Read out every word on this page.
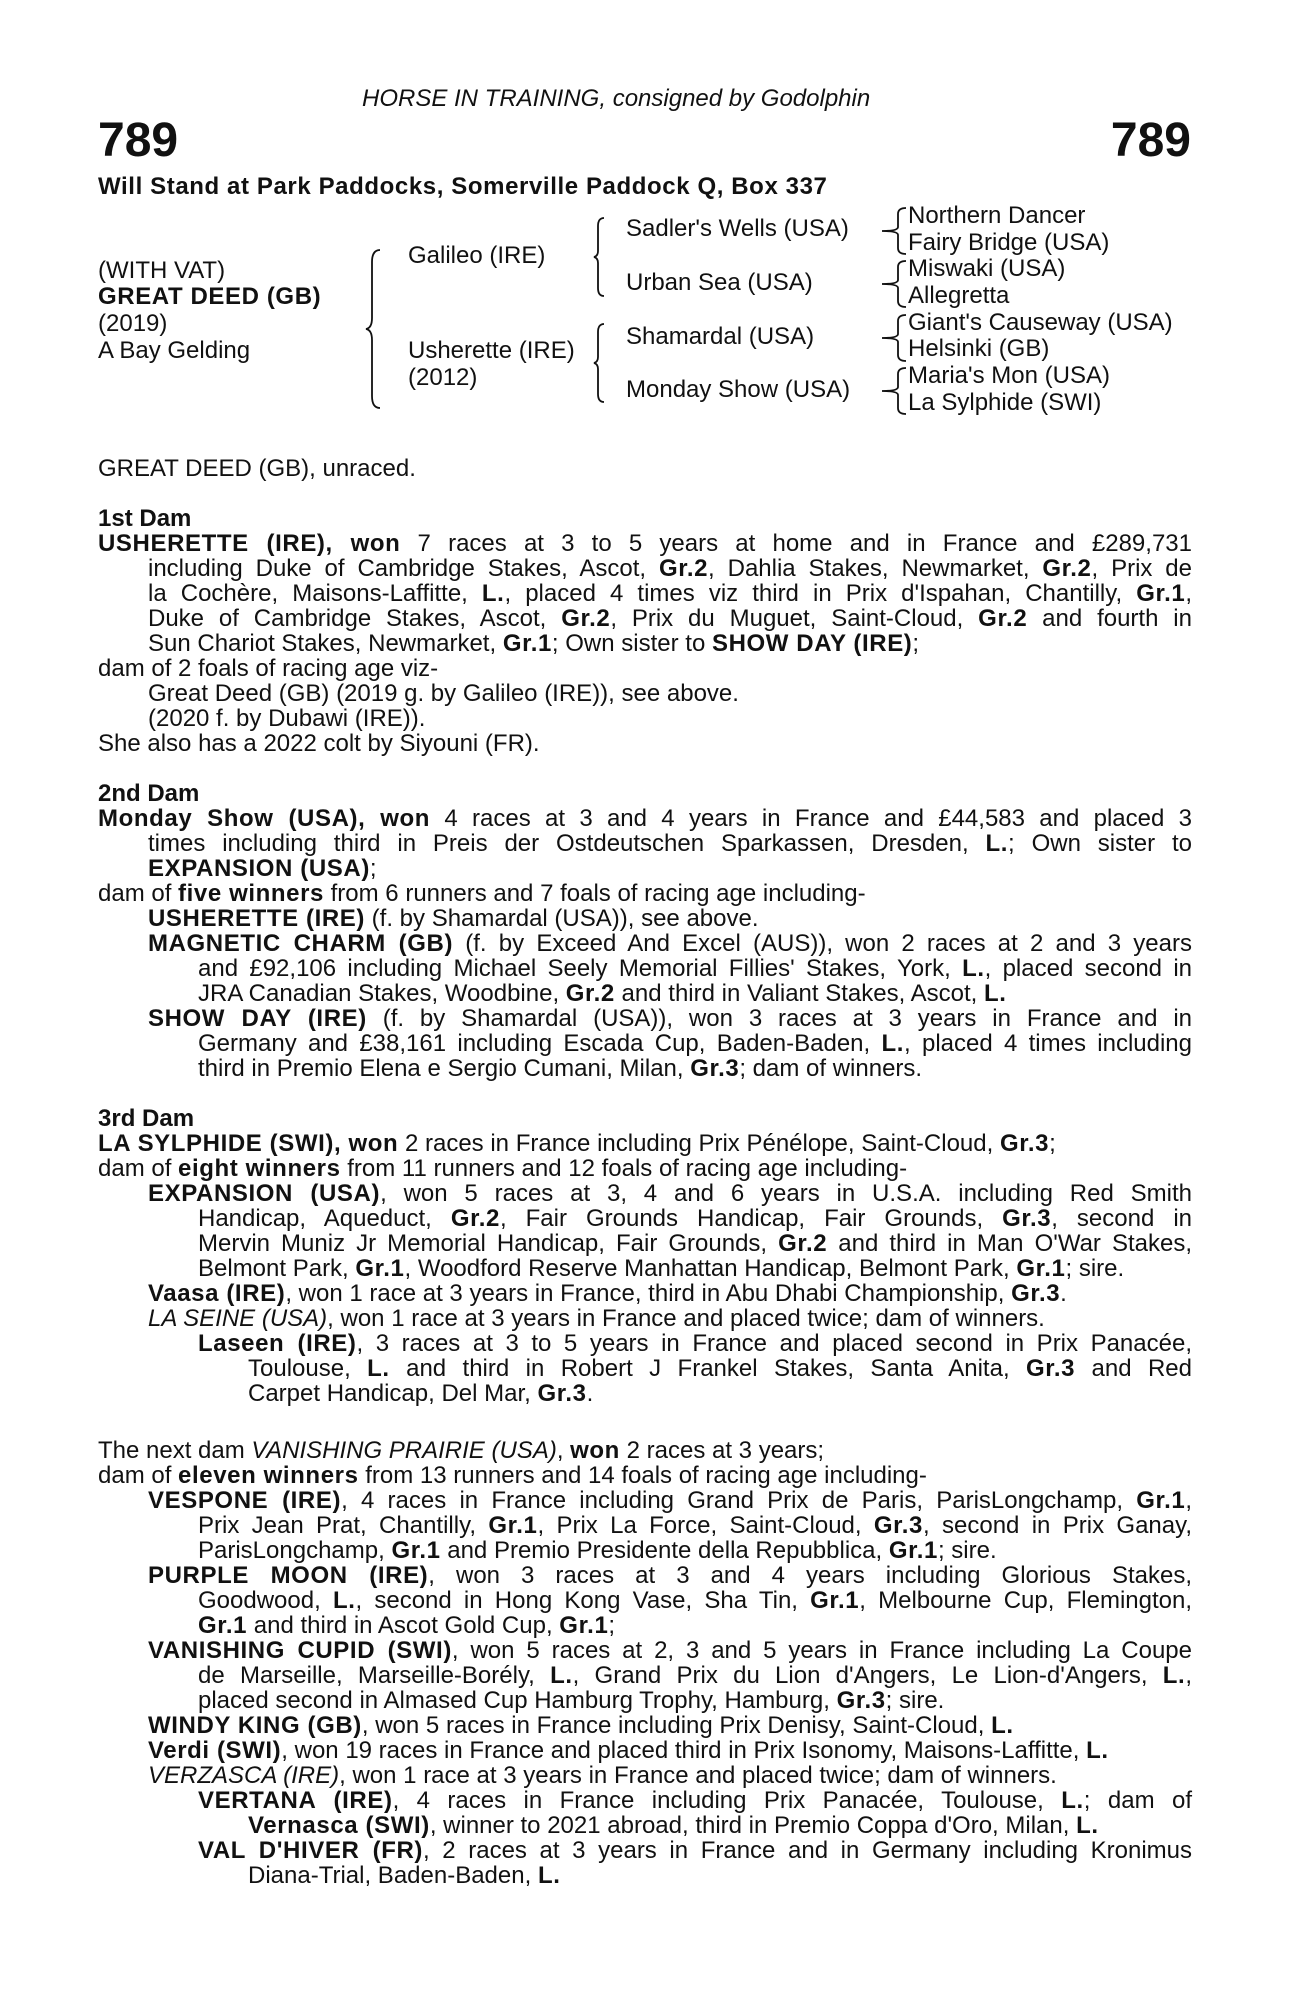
HORSE IN TRAINING, consigned by Godolphin
789	789
Will Stand at Park Paddocks, Somerville Paddock Q, Box 337
(WITH VAT)
GREAT DEED (GB)
(2019)
A Bay Gelding
Galileo (IRE)
Usherette (IRE)
(2012)
Sadler's Wells (USA)
Urban Sea (USA)
Shamardal (USA)
Monday Show (USA)
Northern Dancer
Fairy Bridge (USA)
Miswaki (USA)
Allegretta
Giant's Causeway (USA)
Helsinki (GB)
Maria's Mon (USA)
La Sylphide (SWI)
GREAT DEED (GB), unraced.
1st Dam
USHERETTE (IRE), won 7 races at 3 to 5 years at home and in France and £289,731
including Duke of Cambridge Stakes, Ascot, Gr.2, Dahlia Stakes, Newmarket, Gr.2, Prix de
la Cochère, Maisons-Laffitte, L., placed 4 times viz third in Prix d'Ispahan, Chantilly, Gr.1,
Duke of Cambridge Stakes, Ascot, Gr.2, Prix du Muguet, Saint-Cloud, Gr.2 and fourth in
Sun Chariot Stakes, Newmarket, Gr.1; Own sister to SHOW DAY (IRE);
dam of 2 foals of racing age viz-
Great Deed (GB) (2019 g. by Galileo (IRE)), see above.
(2020 f. by Dubawi (IRE)).
She also has a 2022 colt by Siyouni (FR).
2nd Dam
Monday Show (USA), won 4 races at 3 and 4 years in France and £44,583 and placed 3
times including third in Preis der Ostdeutschen Sparkassen, Dresden, L.; Own sister to
EXPANSION (USA);
dam of five winners from 6 runners and 7 foals of racing age including-
USHERETTE (IRE) (f. by Shamardal (USA)), see above.
MAGNETIC CHARM (GB) (f. by Exceed And Excel (AUS)), won 2 races at 2 and 3 years
and £92,106 including Michael Seely Memorial Fillies' Stakes, York, L., placed second in
JRA Canadian Stakes, Woodbine, Gr.2 and third in Valiant Stakes, Ascot, L.
SHOW DAY (IRE) (f. by Shamardal (USA)), won 3 races at 3 years in France and in
Germany and £38,161 including Escada Cup, Baden-Baden, L., placed 4 times including
third in Premio Elena e Sergio Cumani, Milan, Gr.3; dam of winners.
3rd Dam
LA SYLPHIDE (SWI), won 2 races in France including Prix Pénélope, Saint-Cloud, Gr.3;
dam of eight winners from 11 runners and 12 foals of racing age including-
EXPANSION (USA), won 5 races at 3, 4 and 6 years in U.S.A. including Red Smith
Handicap, Aqueduct, Gr.2, Fair Grounds Handicap, Fair Grounds, Gr.3, second in
Mervin Muniz Jr Memorial Handicap, Fair Grounds, Gr.2 and third in Man O'War Stakes,
Belmont Park, Gr.1, Woodford Reserve Manhattan Handicap, Belmont Park, Gr.1; sire.
Vaasa (IRE), won 1 race at 3 years in France, third in Abu Dhabi Championship, Gr.3.
LA SEINE (USA), won 1 race at 3 years in France and placed twice; dam of winners.
Laseen (IRE), 3 races at 3 to 5 years in France and placed second in Prix Panacée,
Toulouse, L. and third in Robert J Frankel Stakes, Santa Anita, Gr.3 and Red
Carpet Handicap, Del Mar, Gr.3.
The next dam VANISHING PRAIRIE (USA), won 2 races at 3 years;
dam of eleven winners from 13 runners and 14 foals of racing age including-
VESPONE (IRE), 4 races in France including Grand Prix de Paris, ParisLongchamp, Gr.1,
Prix Jean Prat, Chantilly, Gr.1, Prix La Force, Saint-Cloud, Gr.3, second in Prix Ganay,
ParisLongchamp, Gr.1 and Premio Presidente della Repubblica, Gr.1; sire.
PURPLE MOON (IRE), won 3 races at 3 and 4 years including Glorious Stakes,
Goodwood, L., second in Hong Kong Vase, Sha Tin, Gr.1, Melbourne Cup, Flemington,
Gr.1 and third in Ascot Gold Cup, Gr.1;
VANISHING CUPID (SWI), won 5 races at 2, 3 and 5 years in France including La Coupe
de Marseille, Marseille-Borély, L., Grand Prix du Lion d'Angers, Le Lion-d'Angers, L.,
placed second in Almased Cup Hamburg Trophy, Hamburg, Gr.3; sire.
WINDY KING (GB), won 5 races in France including Prix Denisy, Saint-Cloud, L.
Verdi (SWI), won 19 races in France and placed third in Prix Isonomy, Maisons-Laffitte, L.
VERZASCA (IRE), won 1 race at 3 years in France and placed twice; dam of winners.
VERTANA (IRE), 4 races in France including Prix Panacée, Toulouse, L.; dam of
Vernasca (SWI), winner to 2021 abroad, third in Premio Coppa d'Oro, Milan, L.
VAL D'HIVER (FR), 2 races at 3 years in France and in Germany including Kronimus
Diana-Trial, Baden-Baden, L.
